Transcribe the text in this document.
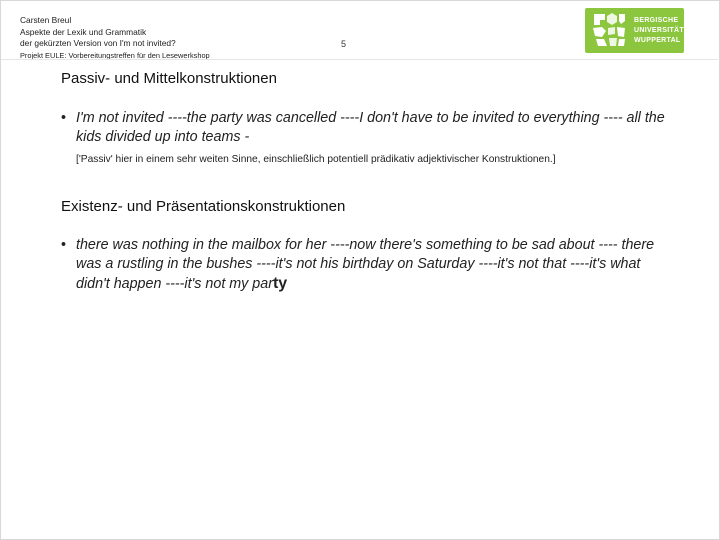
Carsten Breul
Aspekte der Lexik und Grammatik
der gekürzten Version von I'm not invited?
Projekt EULE: Vorbereitungstreffen für den Lesewerkshop
5
BERGISCHE
UNIVERSITÄT
WUPPERTAL
Passiv- und Mittelkonstruktionen
• I'm not invited ----the party was cancelled ----I don't have to be invited to everything ---- all the kids divided up into teams -
['Passiv' hier in einem sehr weiten Sinne, einschließlich potentiell prädikativ adjektivischer Konstruktionen.]
Existenz- und Präsentationskonstruktionen
• there was nothing in the mailbox for her ----now there's something to be sad about ---- there was a rustling in the bushes ----it's not his birthday on Saturday ----it's not that ----it's what didn't happen ----it's not my party
